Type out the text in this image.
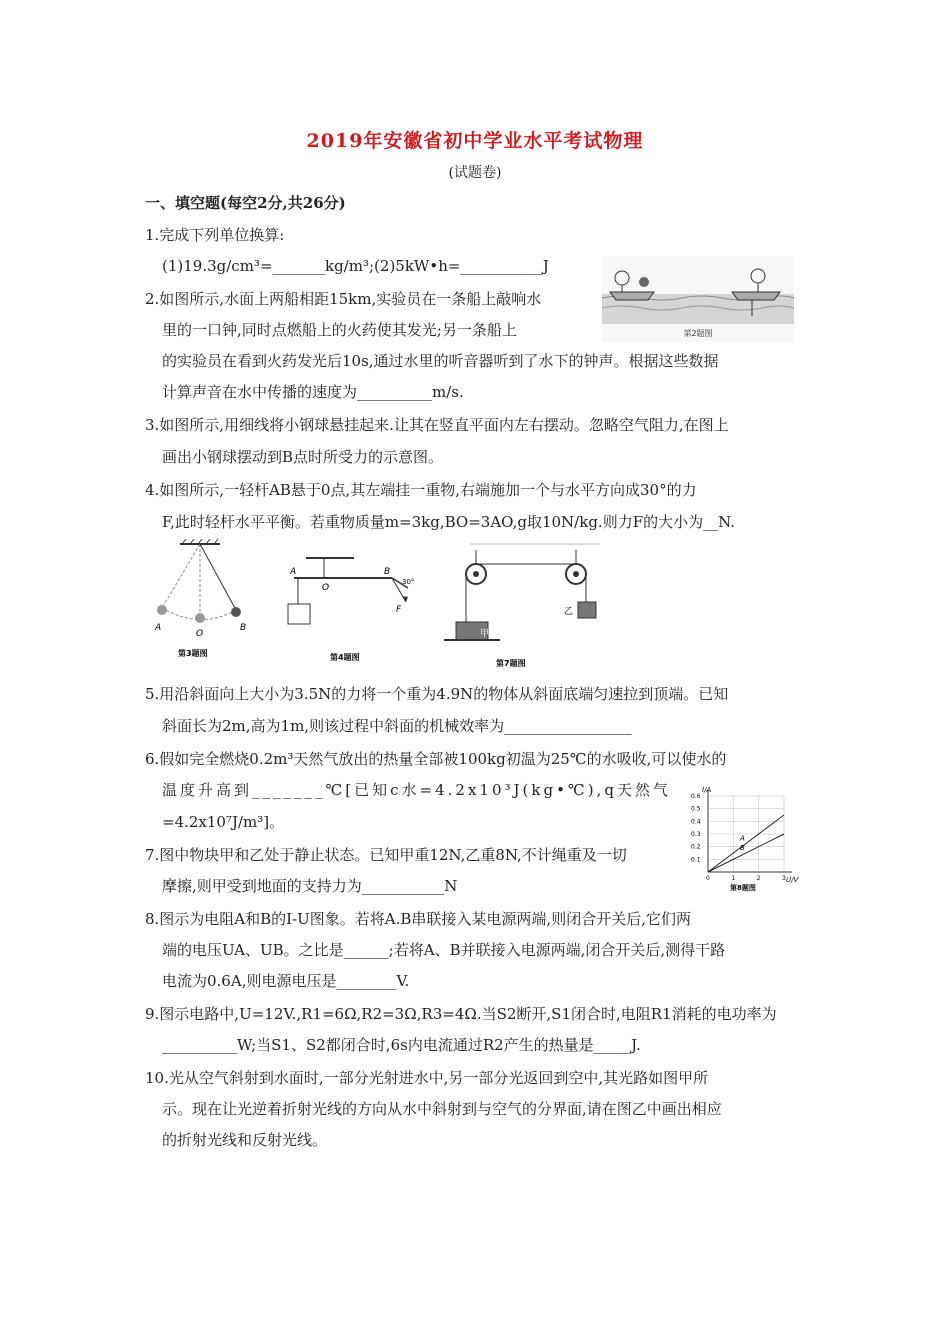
2019年安徽省初中学业水平考试物理
(试题卷)
一、填空题(每空2分,共26分)
1.完成下列单位换算:
(1)19.3g/cm³=_______kg/m³;(2)5kW•h=___________J
2.如图所示,水面上两船相距15km,实验员在一条船上敲响水
里的一口钟,同时点燃船上的火药使其发光;另一条船上
的实验员在看到火药发光后10s,通过水里的听音器听到了水下的钟声。根据这些数据
计算声音在水中传播的速度为__________m/s.
3.如图所示,用细线将小钢球悬挂起来.让其在竖直平面内左右摆动。忽略空气阻力,在图上
画出小钢球摆动到B点时所受力的示意图。
4.如图所示,一轻杆AB悬于0点,其左端挂一重物,右端施加一个与水平方向成30°的力
F,此时轻杆水平平衡。若重物质量m=3kg,BO=3AO,g取10N/kg.则力F的大小为__N.
5.用沿斜面向上大小为3.5N的力将一个重为4.9N的物体从斜面底端匀速拉到顶端。已知
斜面长为2m,高为1m,则该过程中斜面的机械效率为_________________
6.假如完全燃烧0.2m³天然气放出的热量全部被100kg初温为25℃的水吸收,可以使水的
温度升高到_______℃[已知c水=4.2x10³J(kg•℃),q天然气
=4.2x10⁷J/m³]。
7.图中物块甲和乙处于静止状态。已知甲重12N,乙重8N,不计绳重及一切
摩擦,则甲受到地面的支持力为___________N
8.图示为电阻A和B的I-U图象。若将A.B串联接入某电源两端,则闭合开关后,它们两
端的电压UA、UB。之比是______;若将A、B并联接入电源两端,闭合开关后,测得干路
电流为0.6A,则电源电压是________V.
9.图示电路中,U=12V.,R1=6Ω,R2=3Ω,R3=4Ω.当S2断开,S1闭合时,电阻R1消耗的电功率为
__________W;当S1、S2都闭合时,6s内电流通过R2产生的热量是_____J.
10.光从空气斜射到水面时,一部分光射进水中,另一部分光返回到空中,其光路如图甲所
示。现在让光逆着折射光线的方向从水中斜射到与空气的分界面,请在图乙中画出相应
的折射光线和反射光线。
第2题图
A
O
B
第3题图
A
O
B
30°
F
第4题图
甲
乙
第7题图
A
B
0.1
0.2
0.3
0.4
0.5
0.6
0	1	2	3
I/A
U/V
第8题图
